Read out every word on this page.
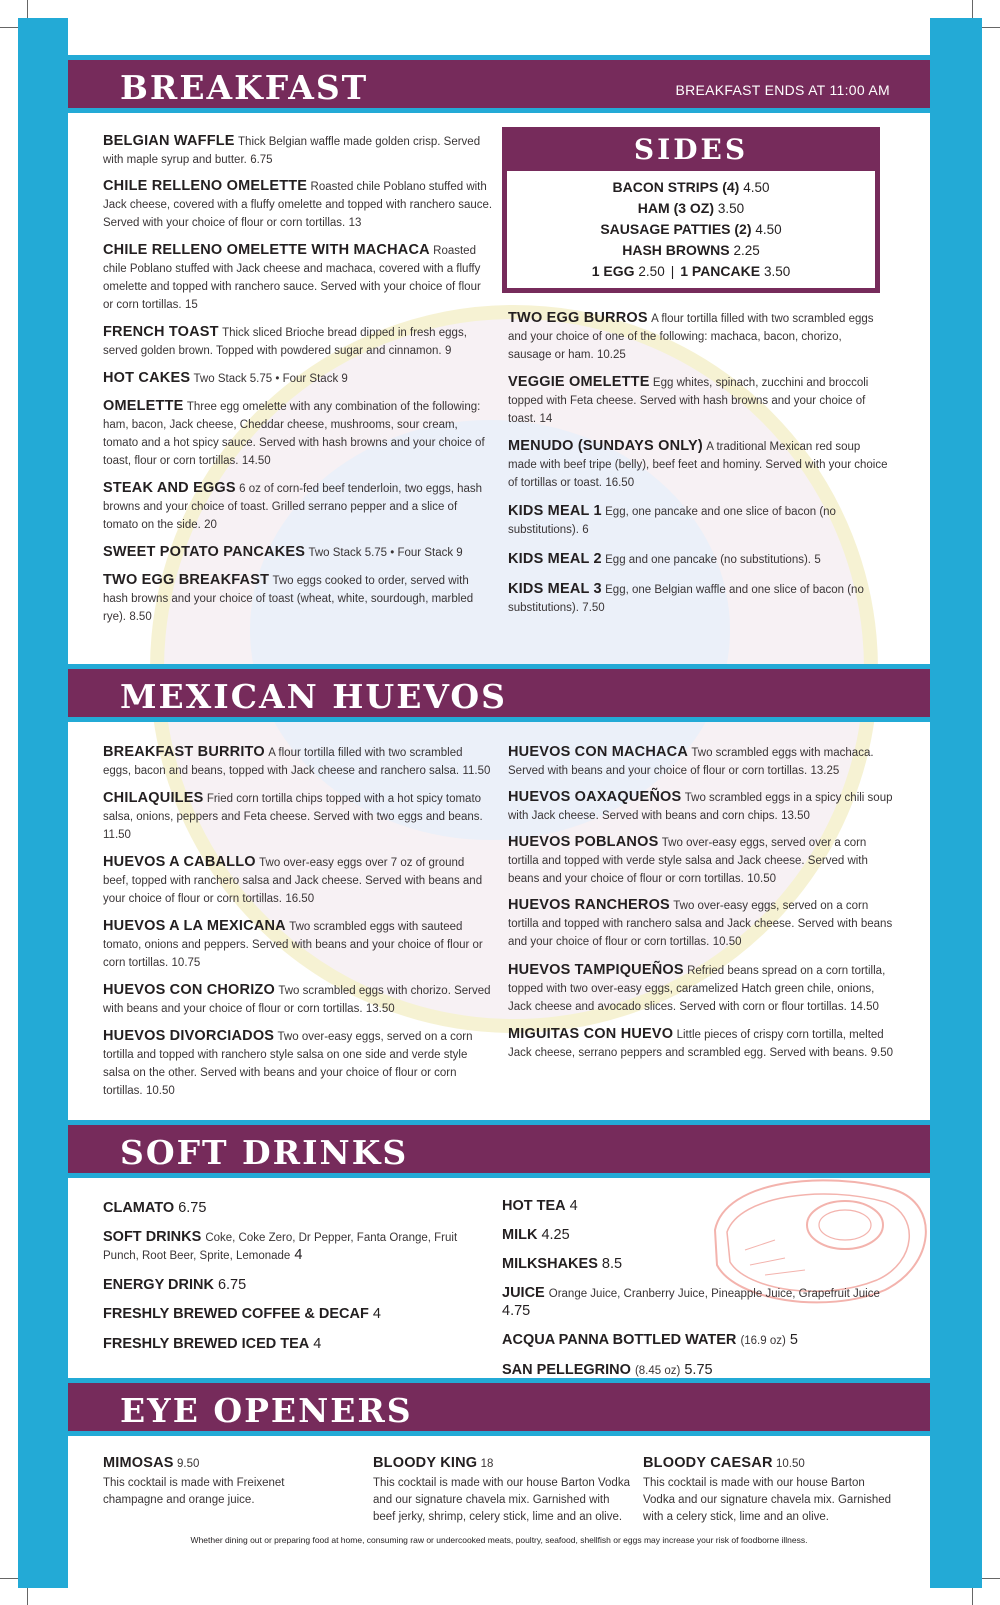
BREAKFAST	BREAKFAST ENDS AT 11:00 AM

BELGIAN WAFFLE Thick Belgian waffle made golden crisp. Served with maple syrup and butter. 6.75

CHILE RELLENO OMELETTE Roasted chile Poblano stuffed with Jack cheese, covered with a fluffy omelette and topped with ranchero sauce. Served with your choice of flour or corn tortillas. 13

CHILE RELLENO OMELETTE WITH MACHACA Roasted chile Poblano stuffed with Jack cheese and machaca, covered with a fluffy omelette and topped with ranchero sauce. Served with your choice of flour or corn tortillas. 15

FRENCH TOAST Thick sliced Brioche bread dipped in fresh eggs, served golden brown. Topped with powdered sugar and cinnamon. 9

HOT CAKES Two Stack 5.75 • Four Stack 9

OMELETTE Three egg omelette with any combination of the following: ham, bacon, Jack cheese, Cheddar cheese, mushrooms, sour cream, tomato and a hot spicy sauce. Served with hash browns and your choice of toast, flour or corn tortillas. 14.50

STEAK AND EGGS 6 oz of corn-fed beef tenderloin, two eggs, hash browns and your choice of toast. Grilled serrano pepper and a slice of tomato on the side. 20

SWEET POTATO PANCAKES Two Stack 5.75 • Four Stack 9

TWO EGG BREAKFAST Two eggs cooked to order, served with hash browns and your choice of toast (wheat, white, sourdough, marbled rye). 8.50

SIDES
BACON STRIPS (4) 4.50
HAM (3 OZ) 3.50
SAUSAGE PATTIES (2) 4.50
HASH BROWNS 2.25
1 EGG 2.50 | 1 PANCAKE 3.50

TWO EGG BURROS A flour tortilla filled with two scrambled eggs and your choice of one of the following: machaca, bacon, chorizo, sausage or ham. 10.25

VEGGIE OMELETTE Egg whites, spinach, zucchini and broccoli topped with Feta cheese. Served with hash browns and your choice of toast. 14

MENUDO (SUNDAYS ONLY) A traditional Mexican red soup made with beef tripe (belly), beef feet and hominy. Served with your choice of tortillas or toast. 16.50

KIDS MEAL 1 Egg, one pancake and one slice of bacon (no substitutions). 6

KIDS MEAL 2 Egg and one pancake (no substitutions). 5

KIDS MEAL 3 Egg, one Belgian waffle and one slice of bacon (no substitutions). 7.50

MEXICAN HUEVOS

BREAKFAST BURRITO A flour tortilla filled with two scrambled eggs, bacon and beans, topped with Jack cheese and ranchero salsa. 11.50

CHILAQUILES Fried corn tortilla chips topped with a hot spicy tomato salsa, onions, peppers and Feta cheese. Served with two eggs and beans. 11.50

HUEVOS A CABALLO Two over-easy eggs over 7 oz of ground beef, topped with ranchero salsa and Jack cheese. Served with beans and your choice of flour or corn tortillas. 16.50

HUEVOS A LA MEXICANA Two scrambled eggs with sauteed tomato, onions and peppers. Served with beans and your choice of flour or corn tortillas. 10.75

HUEVOS CON CHORIZO Two scrambled eggs with chorizo. Served with beans and your choice of flour or corn tortillas. 13.50

HUEVOS DIVORCIADOS Two over-easy eggs, served on a corn tortilla and topped with ranchero style salsa on one side and verde style salsa on the other. Served with beans and your choice of flour or corn tortillas. 10.50

HUEVOS CON MACHACA Two scrambled eggs with machaca. Served with beans and your choice of flour or corn tortillas. 13.25

HUEVOS OAXAQUEÑOS Two scrambled eggs in a spicy chili soup with Jack cheese. Served with beans and corn chips. 13.50

HUEVOS POBLANOS Two over-easy eggs, served over a corn tortilla and topped with verde style salsa and Jack cheese. Served with beans and your choice of flour or corn tortillas. 10.50

HUEVOS RANCHEROS Two over-easy eggs, served on a corn tortilla and topped with ranchero salsa and Jack cheese. Served with beans and your choice of flour or corn tortillas. 10.50

HUEVOS TAMPIQUEÑOS Refried beans spread on a corn tortilla, topped with two over-easy eggs, caramelized Hatch green chile, onions, Jack cheese and avocado slices. Served with corn or flour tortillas. 14.50

MIGUITAS CON HUEVO Little pieces of crispy corn tortilla, melted Jack cheese, serrano peppers and scrambled egg. Served with beans. 9.50

SOFT DRINKS

CLAMATO 6.75

SOFT DRINKS Coke, Coke Zero, Dr Pepper, Fanta Orange, Fruit Punch, Root Beer, Sprite, Lemonade 4

ENERGY DRINK 6.75

FRESHLY BREWED COFFEE & DECAF 4

FRESHLY BREWED ICED TEA 4

HOT TEA 4

MILK 4.25

MILKSHAKES 8.5

JUICE Orange Juice, Cranberry Juice, Pineapple Juice, Grapefruit Juice 4.75

ACQUA PANNA BOTTLED WATER (16.9 oz) 5

SAN PELLEGRINO (8.45 oz) 5.75

EYE OPENERS
MIMOSAS 9.50
This cocktail is made with Freixenet champagne and orange juice.
BLOODY KING 18
This cocktail is made with our house Barton Vodka and our signature chavela mix. Garnished with beef jerky, shrimp, celery stick, lime and an olive.
BLOODY CAESAR 10.50
This cocktail is made with our house Barton Vodka and our signature chavela mix. Garnished with a celery stick, lime and an olive.
Whether dining out or preparing food at home, consuming raw or undercooked meats, poultry, seafood, shellfish or eggs may increase your risk of foodborne illness.
